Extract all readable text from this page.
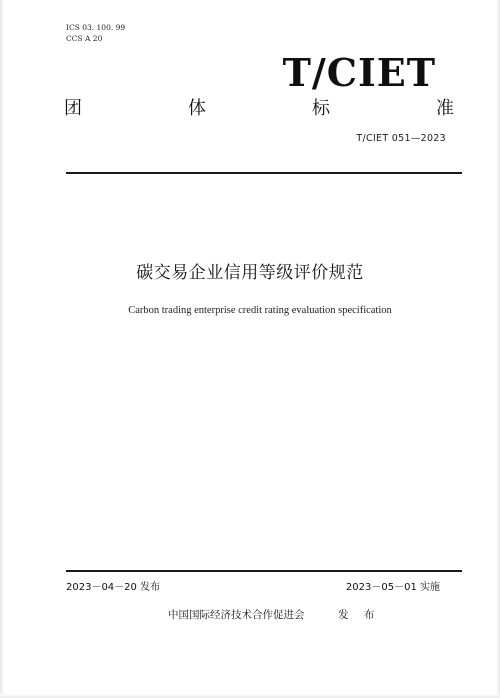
ICS 03. 100. 99
CCS A 20
T/CIET
团	体	标	准
T/CIET 051—2023
碳交易企业信用等级评价规范
Carbon trading enterprise credit rating evaluation specification
2023－04－20 发布	2023－05－01 实施
中国国际经济技术合作促进会	发 布
